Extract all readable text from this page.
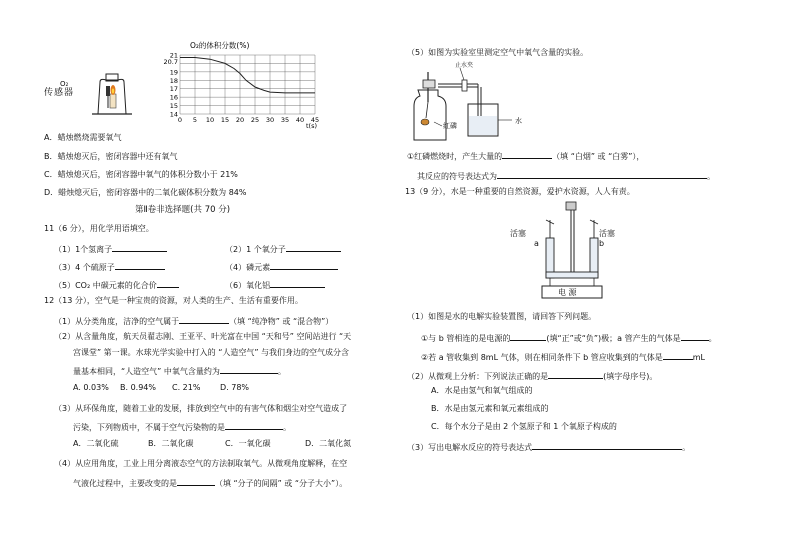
O₂
传感器
O₂的体积分数(%)
21
20.7
19
18
17
16
15
14
0 5 10 15 20 25 30 35 40 45
t(s)
A．蜡烛燃烧需要氧气
B．蜡烛熄灭后，密闭容器中还有氧气
C．蜡烛熄灭后，密闭容器中氧气的体积分数小于 21%
D．蜡烛熄灭后，密闭容器中的二氧化碳体积分数为 84%
第Ⅱ卷非选择题(共 70 分)
11（6 分），用化学用语填空。
（1）1个氢离子	（2）1 个氧分子
（3）4 个硫原子	（4）磷元素
（5）CO₂ 中碳元素的化合价	（6）氧化铝
12（13 分），空气是一种宝贵的资源，对人类的生产、生活有重要作用。
（1）从分类角度，洁净的空气属于	（填 “纯净物” 或 “混合物”）
（2）从含量角度，航天员翟志刚、王亚平、叶光富在中国 “天和号” 空间站进行 “天
宫课堂” 第一课。水球光学实验中打入的 “人造空气” 与我们身边的空气成分含
量基本相同，“人造空气” 中氧气含量约为	。
A. 0.03% B. 0.94% C. 21% D. 78%
（3）从环保角度，随着工业的发展，排放到空气中的有害气体和烟尘对空气造成了
污染，下列物质中，不属于空气污染物的是	。
A．二氧化硫	B．二氧化碳	C．一氧化碳	D．二氧化氮
（4）从应用角度，工业上用分离液态空气的方法制取氧气。从微观角度解释，在空
气液化过程中，主要改变的是	（填 “分子的间隔” 或 “分子大小”）。
（5）如图为实验室里测定空气中氧气含量的实验。
止水夹
红磷
水
①红磷燃烧时，产生大量的	（填 “白烟” 或 “白雾”），
其反应的符号表达式为	。
13（9 分），水是一种重要的自然资源，爱护水资源，人人有责。
活塞	活塞
a	b
电 源
（1）如图是水的电解实验装置图，请回答下列问题。
①与 b 管相连的是电源的	(填“正”或“负”)极；a 管产生的气体是	。
②若 a 管收集到 8mL 气体，则在相同条件下 b 管应收集到的气体是	mL
（2）从微观上分析：下列说法正确的是	(填字母序号)。
A．水是由氢气和氧气组成的
B．水是由氢元素和氧元素组成的
C．每个水分子是由 2 个氢原子和 1 个氧原子构成的
（3）写出电解水反应的符号表达式	。
